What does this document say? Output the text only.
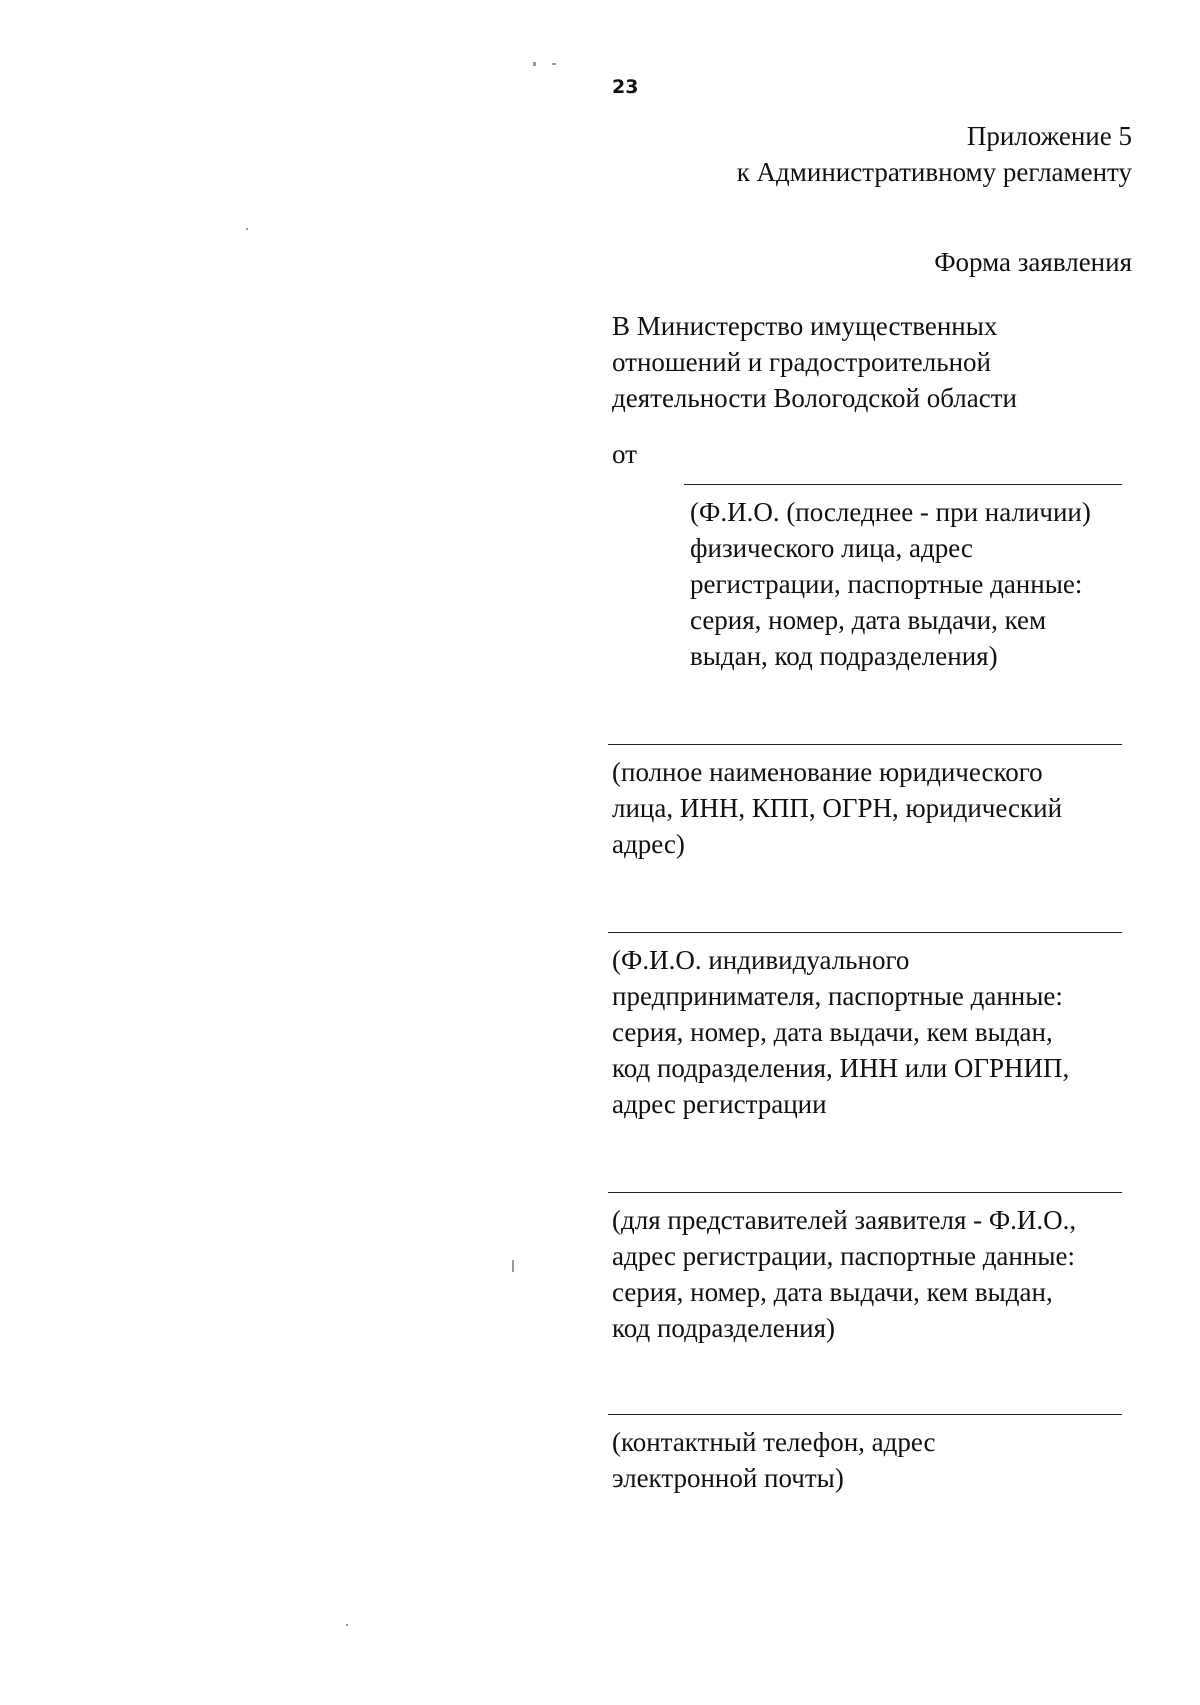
23
Приложение 5
к Административному регламенту
Форма заявления
В Министерство имущественных
отношений и градостроительной
деятельности Вологодской области
от
(Ф.И.О. (последнее - при наличии)
физического лица, адрес
регистрации, паспортные данные:
серия, номер, дата выдачи, кем
выдан, код подразделения)
(полное наименование юридического
лица, ИНН, КПП, ОГРН, юридический
адрес)
(Ф.И.О. индивидуального
предпринимателя, паспортные данные:
серия, номер, дата выдачи, кем выдан,
код подразделения, ИНН или ОГРНИП,
адрес регистрации
(для представителей заявителя - Ф.И.О.,
адрес регистрации, паспортные данные:
серия, номер, дата выдачи, кем выдан,
код подразделения)
(контактный телефон, адрес
электронной почты)
